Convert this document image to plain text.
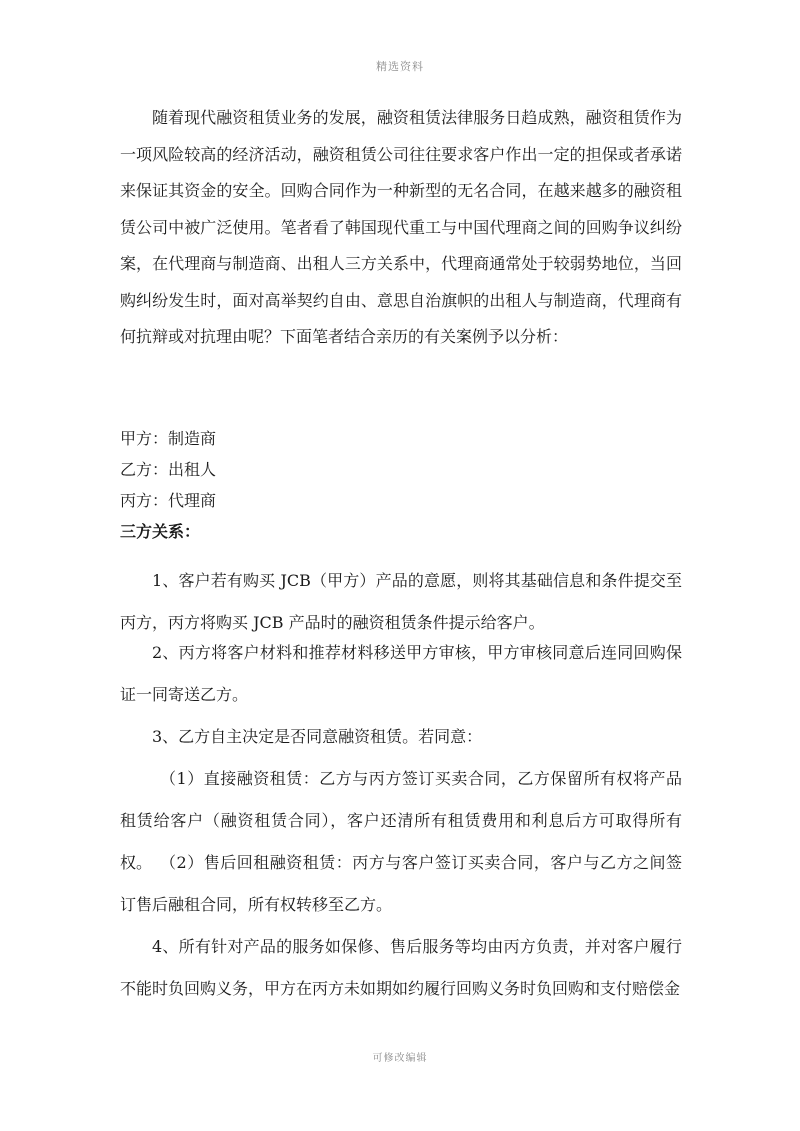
精选资料
随着现代融资租赁业务的发展，融资租赁法律服务日趋成熟，融资租赁作为一项风险较高的经济活动，融资租赁公司往往要求客户作出一定的担保或者承诺来保证其资金的安全。回购合同作为一种新型的无名合同，在越来越多的融资租赁公司中被广泛使用。笔者看了韩国现代重工与中国代理商之间的回购争议纠纷案，在代理商与制造商、出租人三方关系中，代理商通常处于较弱势地位，当回购纠纷发生时，面对高举契约自由、意思自治旗帜的出租人与制造商，代理商有何抗辩或对抗理由呢？下面笔者结合亲历的有关案例予以分析：
甲方：制造商
乙方：出租人
丙方：代理商
三方关系：
1、客户若有购买 JCB（甲方）产品的意愿，则将其基础信息和条件提交至丙方，丙方将购买 JCB 产品时的融资租赁条件提示给客户。
2、丙方将客户材料和推荐材料移送甲方审核，甲方审核同意后连同回购保证一同寄送乙方。
3、乙方自主决定是否同意融资租赁。若同意：
（1）直接融资租赁：乙方与丙方签订买卖合同，乙方保留所有权将产品租赁给客户（融资租赁合同），客户还清所有租赁费用和利息后方可取得所有权。 （2）售后回租融资租赁：丙方与客户签订买卖合同，客户与乙方之间签订售后融租合同，所有权转移至乙方。
4、所有针对产品的服务如保修、售后服务等均由丙方负责，并对客户履行不能时负回购义务，甲方在丙方未如期如约履行回购义务时负回购和支付赔偿金
可修改编辑
